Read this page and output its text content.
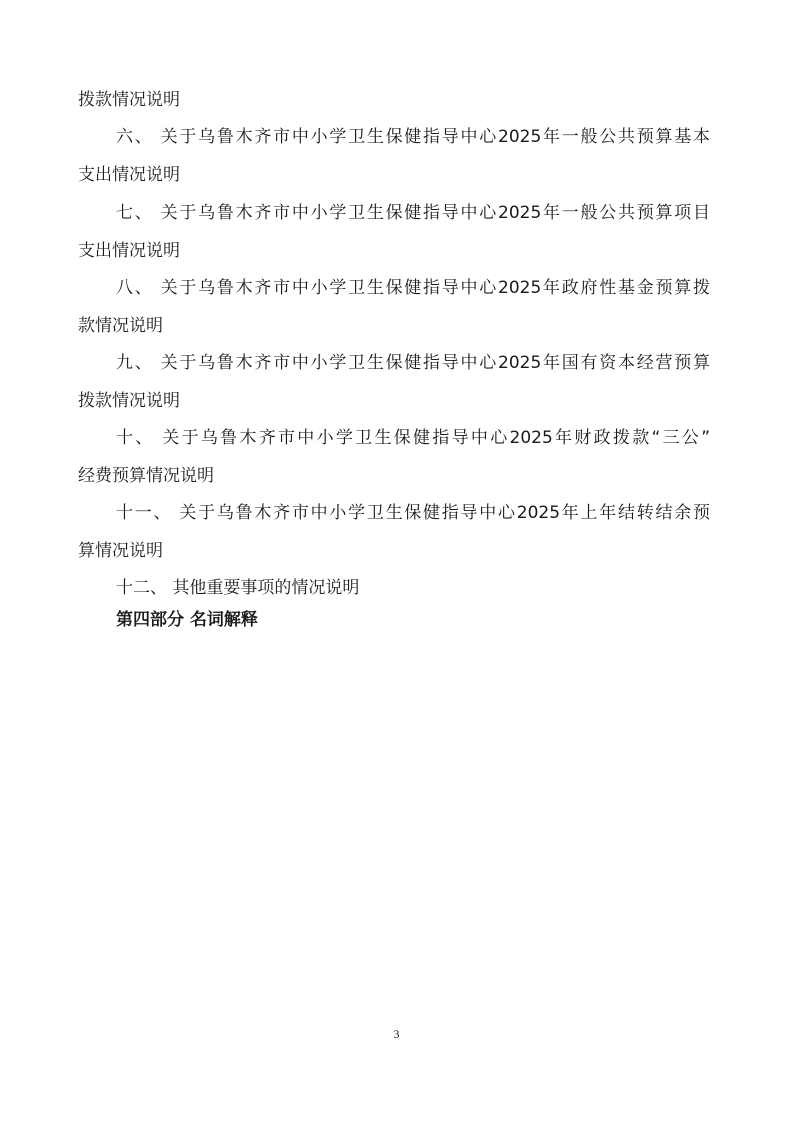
拨款情况说明
六、 关于乌鲁木齐市中小学卫生保健指导中心2025年一般公共预算基本
支出情况说明
七、 关于乌鲁木齐市中小学卫生保健指导中心2025年一般公共预算项目
支出情况说明
八、 关于乌鲁木齐市中小学卫生保健指导中心2025年政府性基金预算拨
款情况说明
九、 关于乌鲁木齐市中小学卫生保健指导中心2025年国有资本经营预算
拨款情况说明
十、 关于乌鲁木齐市中小学卫生保健指导中心2025年财政拨款“三公”
经费预算情况说明
十一、 关于乌鲁木齐市中小学卫生保健指导中心2025年上年结转结余预
算情况说明
十二、 其他重要事项的情况说明
第四部分 名词解释
3
